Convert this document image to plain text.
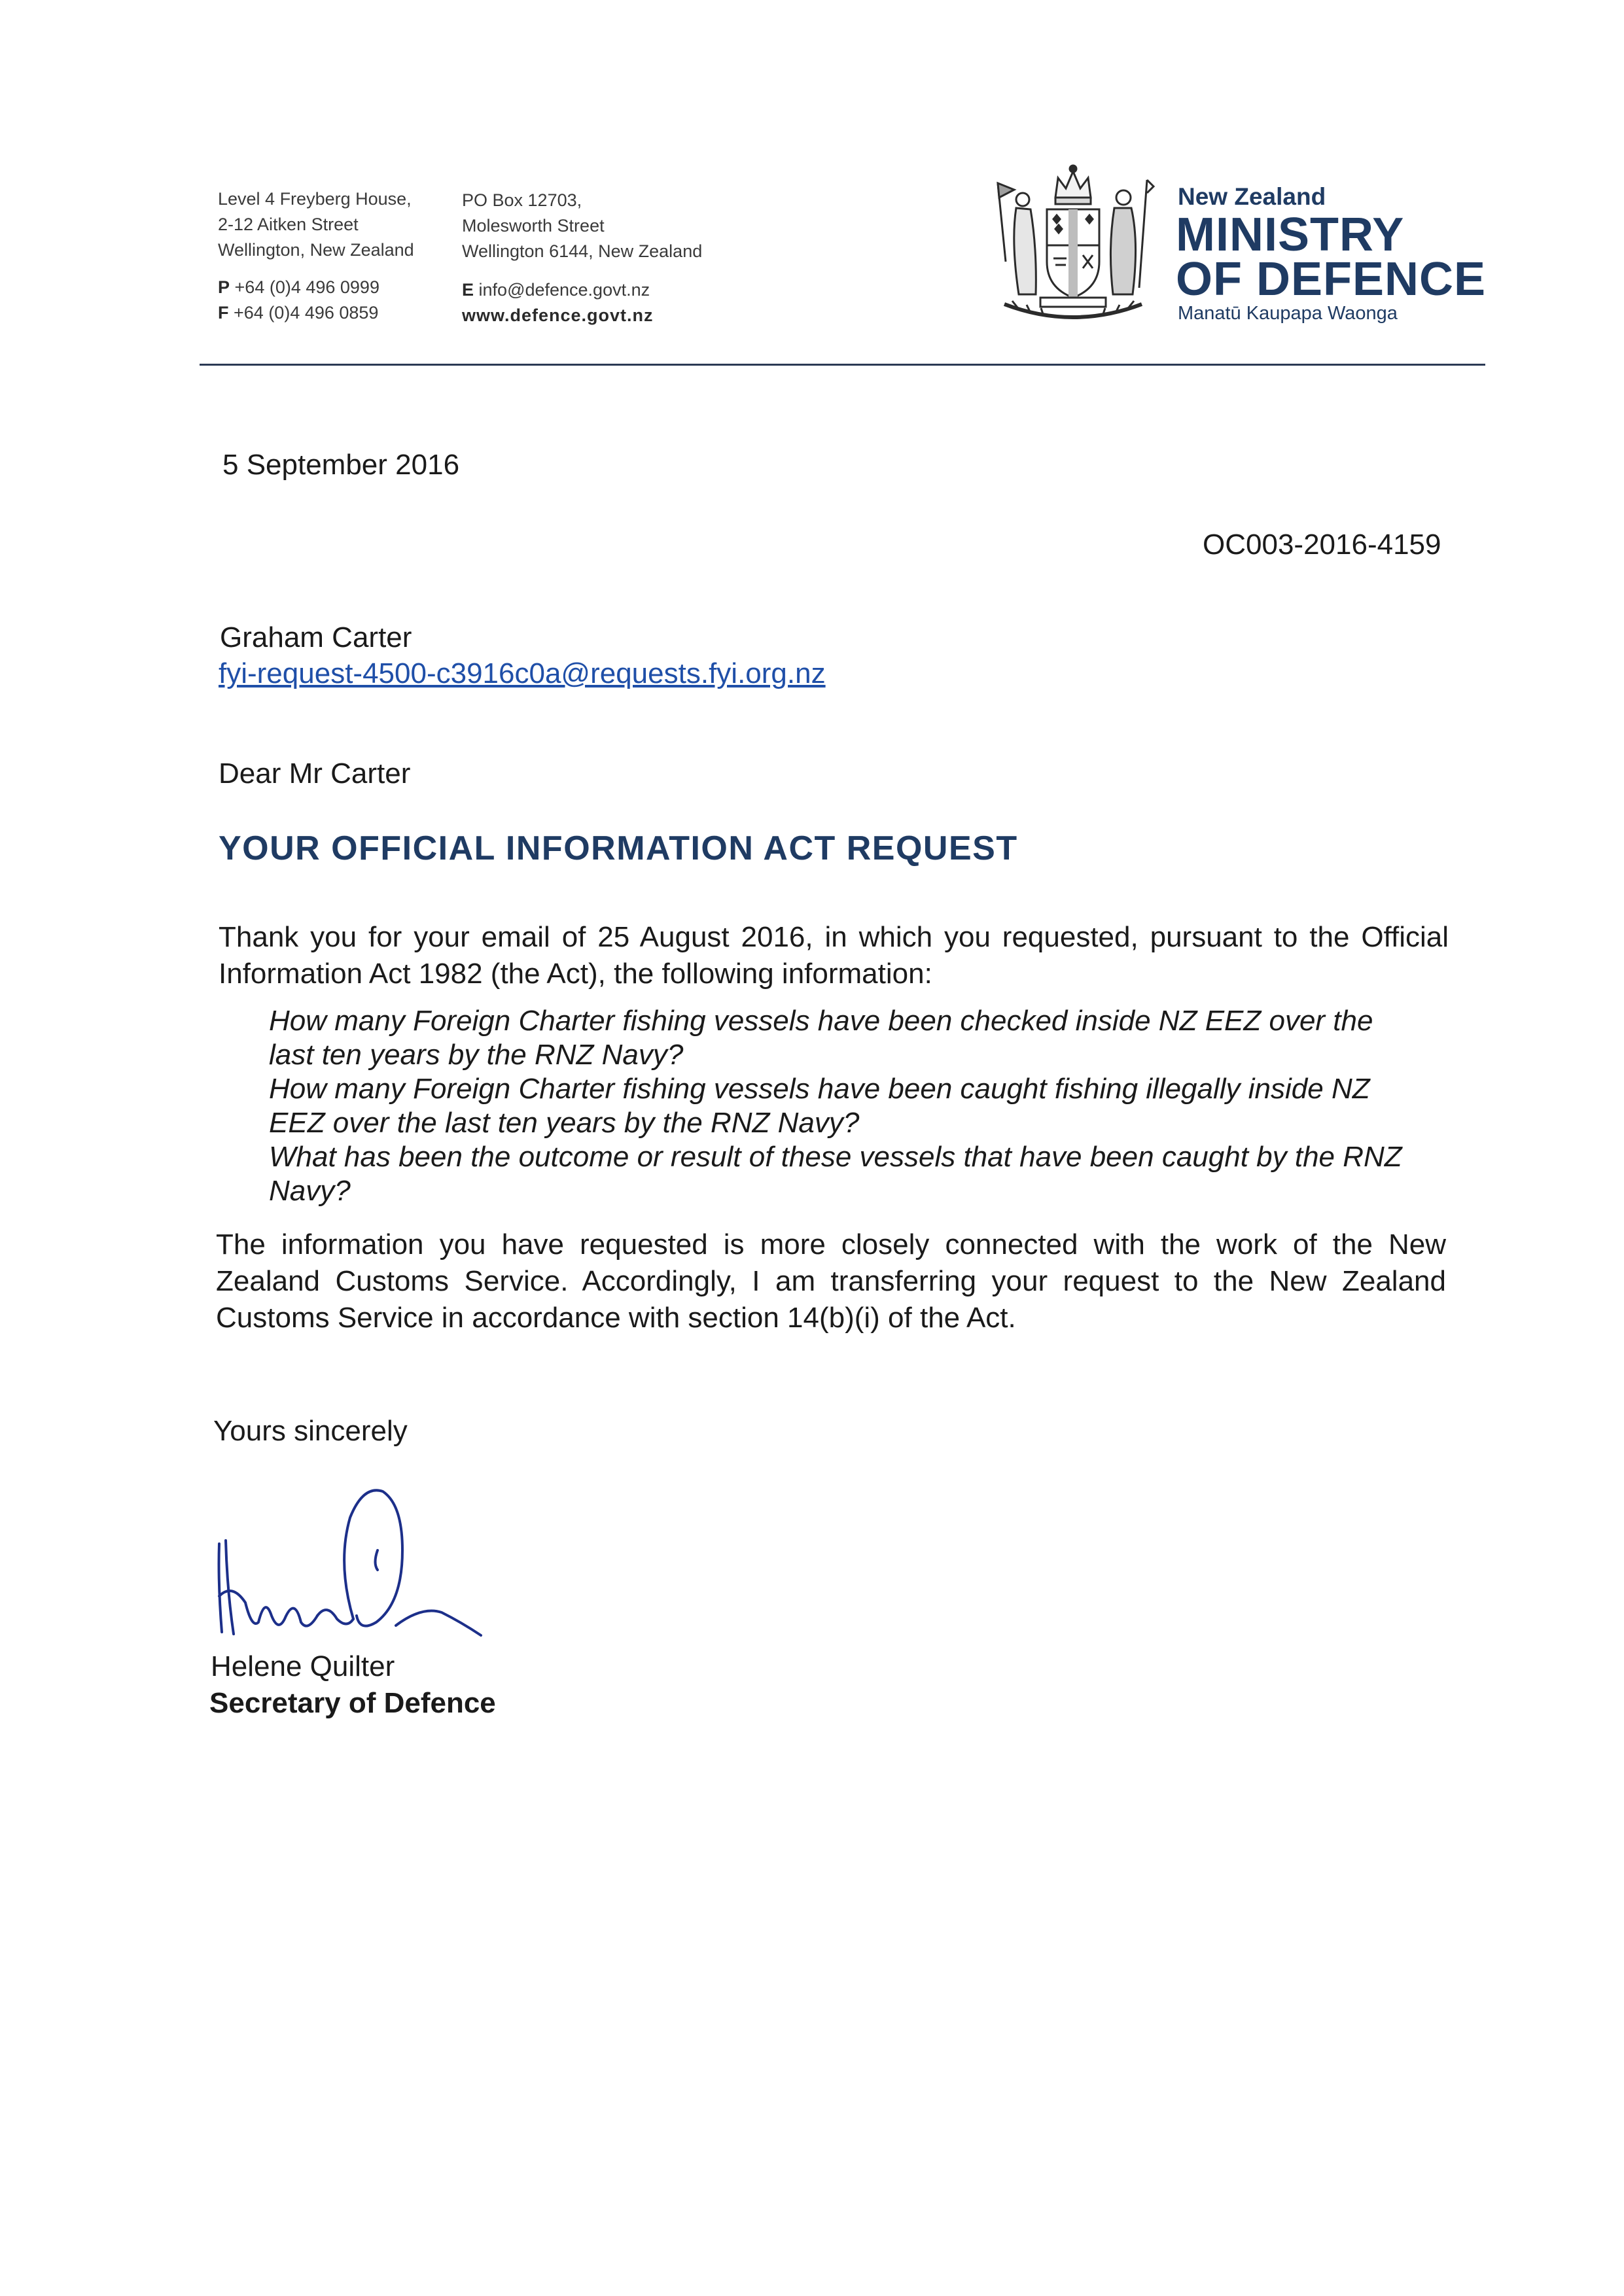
Level 4 Freyberg House,
2-12 Aitken Street
Wellington, New Zealand
P +64 (0)4 496 0999
F +64 (0)4 496 0859
PO Box 12703,
Molesworth Street
Wellington 6144, New Zealand
E info@defence.govt.nz
www.defence.govt.nz
New Zealand
MINISTRY
OF DEFENCE
Manatū Kaupapa Waonga
5 September 2016
OC003-2016-4159
Graham Carter
fyi-request-4500-c3916c0a@requests.fyi.org.nz
Dear Mr Carter
YOUR OFFICIAL INFORMATION ACT REQUEST
Thank you for your email of 25 August 2016, in which you requested, pursuant to the Official Information Act 1982 (the Act), the following information:
How many Foreign Charter fishing vessels have been checked inside NZ EEZ over the last ten years by the RNZ Navy?
How many Foreign Charter fishing vessels have been caught fishing illegally inside NZ EEZ over the last ten years by the RNZ Navy?
What has been the outcome or result of these vessels that have been caught by the RNZ Navy?
The information you have requested is more closely connected with the work of the New Zealand Customs Service. Accordingly, I am transferring your request to the New Zealand Customs Service in accordance with section 14(b)(i) of the Act.
Yours sincerely
Helene Quilter
Secretary of Defence
